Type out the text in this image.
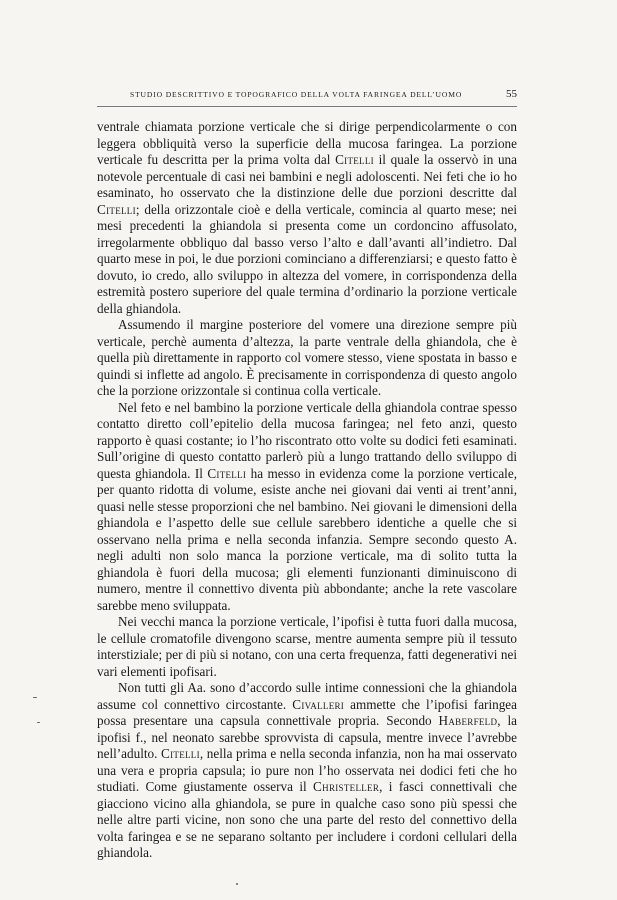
STUDIO DESCRITTIVO E TOPOGRAFICO DELLA VOLTA FARINGEA DELL’UOMO	55

ventrale chiamata porzione verticale che si dirige perpendicolarmente o con leggera obbliquità verso la superficie della mucosa faringea. La porzione verticale fu descritta per la prima volta dal Citelli il quale la osservò in una notevole percentuale di casi nei bambini e negli adoloscenti. Nei feti che io ho esaminato, ho osservato che la distinzione delle due porzioni descritte dal Citelli; della orizzontale cioè e della verticale, comincia al quarto mese; nei mesi precedenti la ghiandola si presenta come un cordoncino affusolato, irregolarmente obbliquo dal basso verso l’alto e dall’avanti all’indietro. Dal quarto mese in poi, le due porzioni cominciano a differenziarsi; e questo fatto è dovuto, io credo, allo sviluppo in altezza del vomere, in corrispondenza della estremità postero superiore del quale termina d’ordinario la porzione verticale della ghiandola.

Assumendo il margine posteriore del vomere una direzione sempre più verticale, perchè aumenta d’altezza, la parte ventrale della ghiandola, che è quella più direttamente in rapporto col vomere stesso, viene spostata in basso e quindi si inflette ad angolo. È precisamente in corrispondenza di questo angolo che la porzione orizzontale si continua colla verticale.

Nel feto e nel bambino la porzione verticale della ghiandola contrae spesso contatto diretto coll’epitelio della mucosa faringea; nel feto anzi, questo rapporto è quasi costante; io l’ho riscontrato otto volte su dodici feti esaminati. Sull’origine di questo contatto parlerò più a lungo trattando dello sviluppo di questa ghiandola. Il Citelli ha messo in evidenza come la porzione verticale, per quanto ridotta di volume, esiste anche nei giovani dai venti ai trent’anni, quasi nelle stesse proporzioni che nel bambino. Nei giovani le dimensioni della ghiandola e l’aspetto delle sue cellule sarebbero identiche a quelle che si osservano nella prima e nella seconda infanzia. Sempre secondo questo A. negli adulti non solo manca la porzione verticale, ma di solito tutta la ghiandola è fuori della mucosa; gli elementi funzionanti diminuiscono di numero, mentre il connettivo diventa più abbondante; anche la rete vascolare sarebbe meno sviluppata.

Nei vecchi manca la porzione verticale, l’ipofisi è tutta fuori dalla mucosa, le cellule cromatofile divengono scarse, mentre aumenta sempre più il tessuto interstiziale; per di più si notano, con una certa frequenza, fatti degenerativi nei vari elementi ipofisari.

Non tutti gli Aa. sono d’accordo sulle intime connessioni che la ghiandola assume col connettivo circostante. Civalleri ammette che l’ipofisi faringea possa presentare una capsula connettivale propria. Secondo Haberfeld, la ipofisi f., nel neonato sarebbe sprovvista di capsula, mentre invece l’avrebbe nell’adulto. Citelli, nella prima e nella seconda infanzia, non ha mai osservato una vera e propria capsula; io pure non l’ho osservata nei dodici feti che ho studiati. Come giustamente osserva il Christeller, i fasci connettivali che giacciono vicino alla ghiandola, se pure in qualche caso sono più spessi che nelle altre parti vicine, non sono che una parte del resto del connettivo della volta faringea e se ne separano soltanto per includere i cordoni cellulari della ghiandola.
